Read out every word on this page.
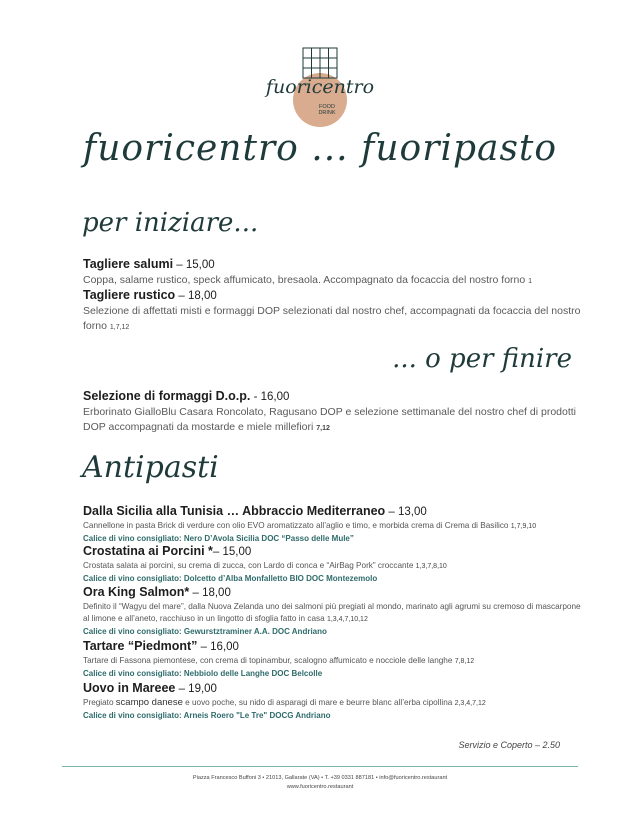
fuoricentro
FOOD
DRINK
fuoricentro ... fuoripasto
per iniziare...
Tagliere salumi – 15,00
Coppa, salame rustico, speck affumicato, bresaola. Accompagnato da focaccia del nostro forno 1
Tagliere rustico – 18,00
Selezione di affettati misti e formaggi DOP selezionati dal nostro chef, accompagnati da focaccia del nostro forno 1,7,12
... o per finire
Selezione di formaggi D.o.p. - 16,00
Erborinato GialloBlu Casara Roncolato, Ragusano DOP e selezione settimanale del nostro chef di prodotti DOP accompagnati da mostarde e miele millefiori 7,12
Antipasti
Dalla Sicilia alla Tunisia … Abbraccio Mediterraneo – 13,00
Cannellone in pasta Brick di verdure con olio EVO aromatizzato all’aglio e timo, e morbida crema di Crema di Basilico 1,7,9,10
Calice di vino consigliato: Nero D’Avola Sicilia DOC “Passo delle Mule”
Crostatina ai Porcini *– 15,00
Crostata salata ai porcini, su crema di zucca, con Lardo di conca e “AirBag Pork” croccante 1,3,7,8,10
Calice di vino consigliato: Dolcetto d’Alba Monfalletto BIO DOC Montezemolo
Ora King Salmon* – 18,00
Definito il “Wagyu del mare”, dalla Nuova Zelanda uno dei salmoni più pregiati al mondo, marinato agli agrumi su cremoso di mascarpone al limone e all’aneto, racchiuso in un lingotto di sfoglia fatto in casa 1,3,4,7,10,12
Calice di vino consigliato: Gewurstztraminer A.A. DOC Andriano
Tartare “Piedmont” – 16,00
Tartare di Fassona piemontese, con crema di topinambur, scalogno affumicato e nocciole delle langhe 7,8,12
Calice di vino consigliato: Nebbiolo delle Langhe DOC Belcolle
Uovo in Mareee – 19,00
Pregiato scampo danese e uovo poche, su nido di asparagi di mare e beurre blanc all’erba cipollina 2,3,4,7,12
Calice di vino consigliato: Arneis Roero "Le Tre" DOCG Andriano
Servizio e Coperto – 2.50
Piazza Francesco Buffoni 3 • 21013, Gallarate (VA) • T. +39 0331 887181 • info@fuoricentro.restaurant
www.fuoricentro.restaurant
